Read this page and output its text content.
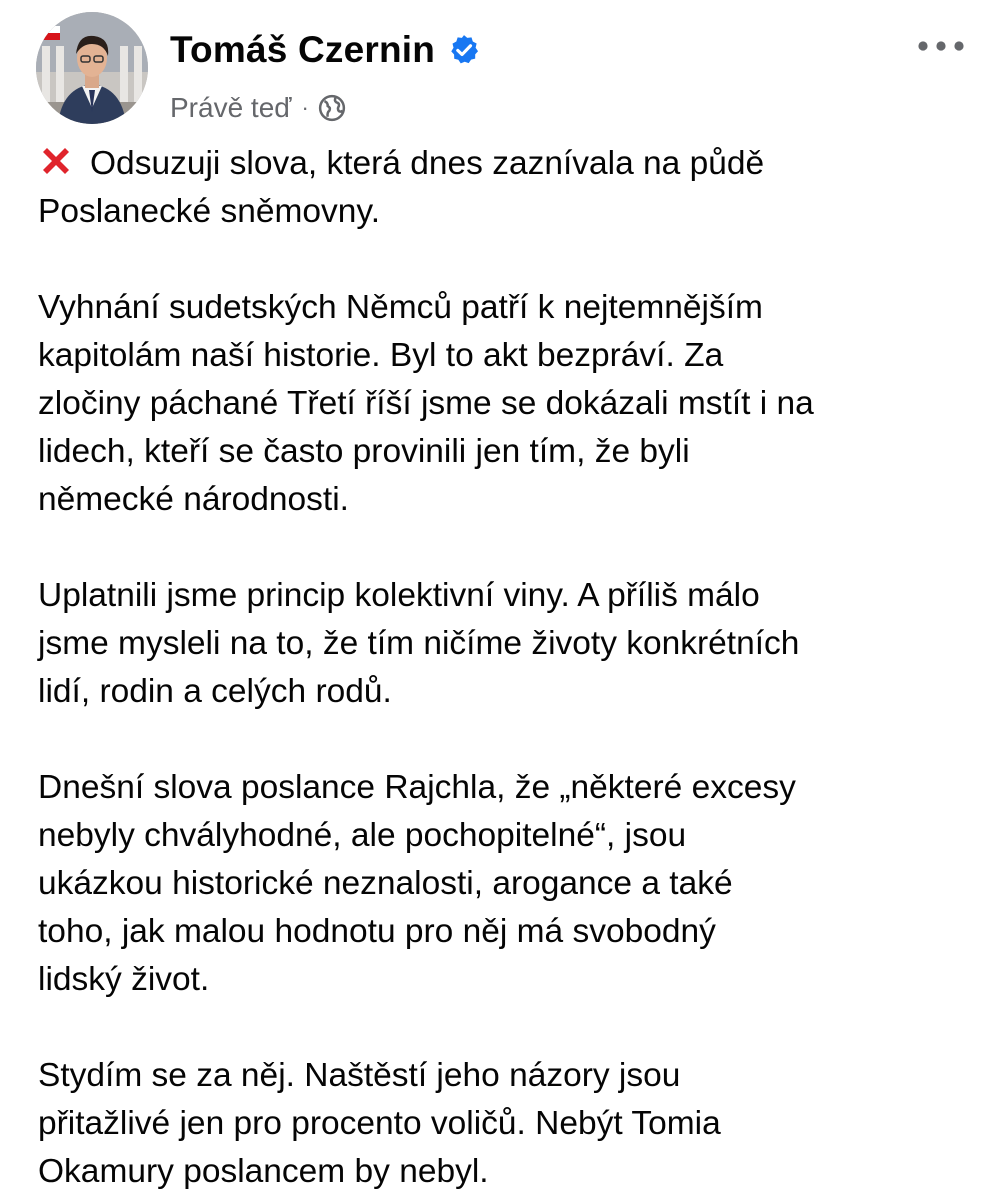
Tomáš Czernin
Právě teď ·

Odsuzuji slova, která dnes zaznívala na půdě
Poslanecké sněmovny.

Vyhnání sudetských Němců patří k nejtemnějším
kapitolám naší historie. Byl to akt bezpráví. Za
zločiny páchané Třetí říší jsme se dokázali mstít i na
lidech, kteří se často provinili jen tím, že byli
německé národnosti.

Uplatnili jsme princip kolektivní viny. A příliš málo
jsme mysleli na to, že tím ničíme životy konkrétních
lidí, rodin a celých rodů.

Dnešní slova poslance Rajchla, že „některé excesy
nebyly chvályhodné, ale pochopitelné“, jsou
ukázkou historické neznalosti, arogance a také
toho, jak malou hodnotu pro něj má svobodný
lidský život.

Stydím se za něj. Naštěstí jeho názory jsou
přitažlivé jen pro procento voličů. Nebýt Tomia
Okamury poslancem by nebyl.
